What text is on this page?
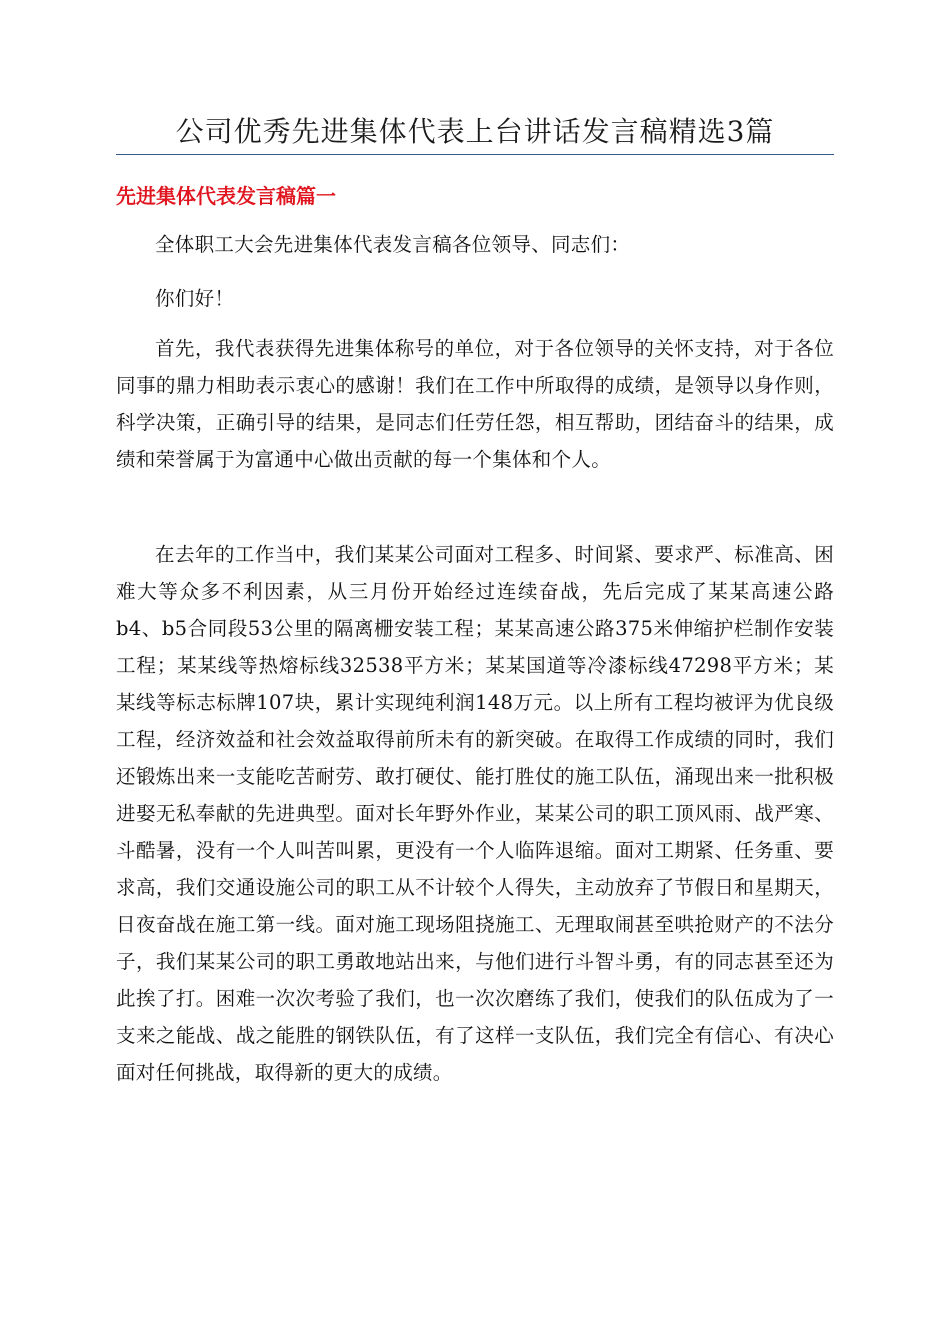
公司优秀先进集体代表上台讲话发言稿精选3篇
先进集体代表发言稿篇一

全体职工大会先进集体代表发言稿各位领导、同志们：

你们好！

首先，我代表获得先进集体称号的单位，对于各位领导的关怀支持，对于各位同事的鼎力相助表示衷心的感谢！我们在工作中所取得的成绩，是领导以身作则，科学决策，正确引导的结果，是同志们任劳任怨，相互帮助，团结奋斗的结果，成绩和荣誉属于为富通中心做出贡献的每一个集体和个人。

在去年的工作当中，我们某某公司面对工程多、时间紧、要求严、标准高、困难大等众多不利因素，从三月份开始经过连续奋战，先后完成了某某高速公路b4、b5合同段53公里的隔离栅安装工程；某某高速公路375米伸缩护栏制作安装工程；某某线等热熔标线32538平方米；某某国道等冷漆标线47298平方米；某某线等标志标牌107块，累计实现纯利润148万元。以上所有工程均被评为优良级工程，经济效益和社会效益取得前所未有的新突破。在取得工作成绩的同时，我们还锻炼出来一支能吃苦耐劳、敢打硬仗、能打胜仗的施工队伍，涌现出来一批积极进娶无私奉献的先进典型。面对长年野外作业，某某公司的职工顶风雨、战严寒、斗酷暑，没有一个人叫苦叫累，更没有一个人临阵退缩。面对工期紧、任务重、要求高，我们交通设施公司的职工从不计较个人得失，主动放弃了节假日和星期天，日夜奋战在施工第一线。面对施工现场阻挠施工、无理取闹甚至哄抢财产的不法分子，我们某某公司的职工勇敢地站出来，与他们进行斗智斗勇，有的同志甚至还为此挨了打。困难一次次考验了我们，也一次次磨练了我们，使我们的队伍成为了一支来之能战、战之能胜的钢铁队伍，有了这样一支队伍，我们完全有信心、有决心面对任何挑战，取得新的更大的成绩。
